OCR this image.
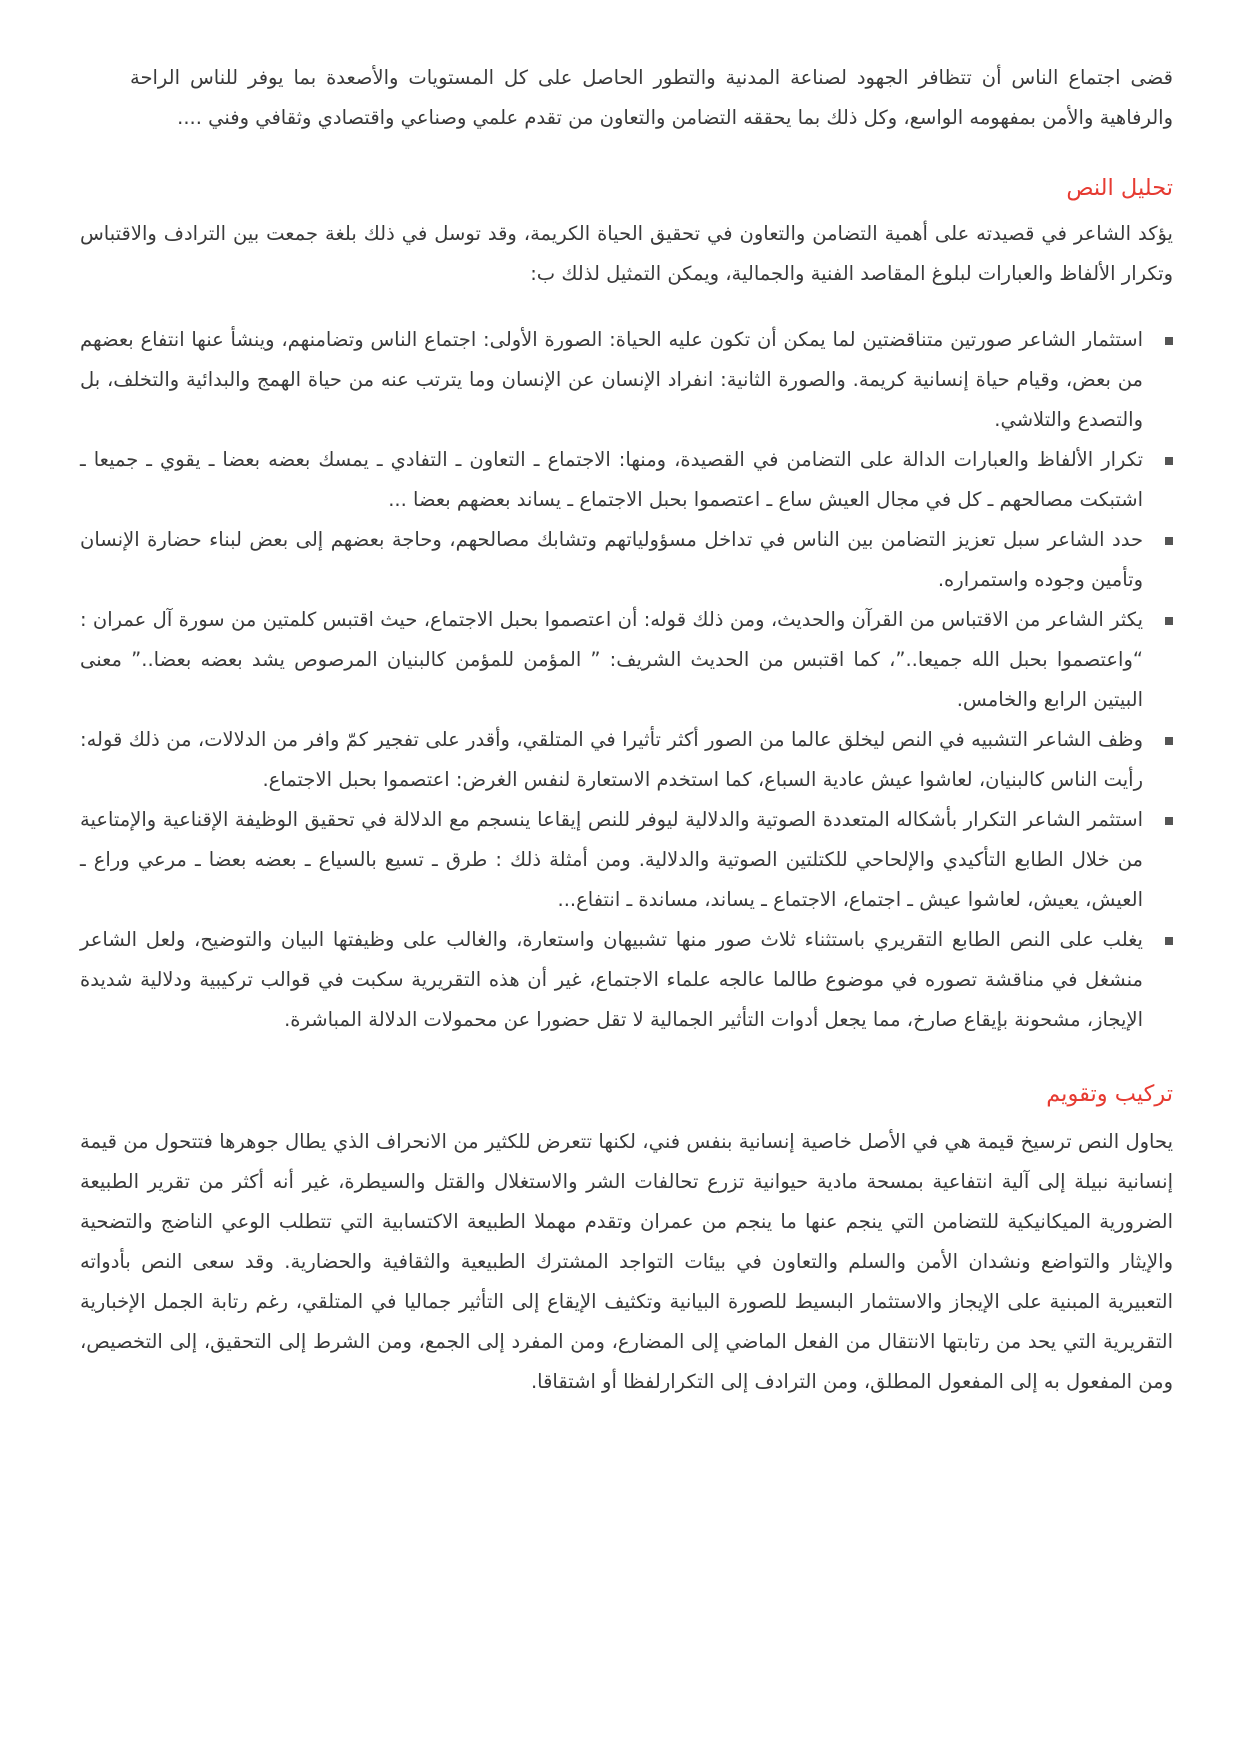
قضى اجتماع الناس أن تتظافر الجهود لصناعة المدنية والتطور الحاصل على كل المستويات والأصعدة بما يوفر للناس الراحة والرفاهية والأمن بمفهومه الواسع، وكل ذلك بما يحققه التضامن والتعاون من تقدم علمي وصناعي واقتصادي وثقافي وفني ....

تحليل النص

يؤكد الشاعر في قصيدته على أهمية التضامن والتعاون في تحقيق الحياة الكريمة، وقد توسل في ذلك بلغة جمعت بين الترادف والاقتباس وتكرار الألفاظ والعبارات لبلوغ المقاصد الفنية والجمالية، ويمكن التمثيل لذلك ب:

استثمار الشاعر صورتين متناقضتين لما يمكن أن تكون عليه الحياة: الصورة الأولى: اجتماع الناس وتضامنهم، وينشأ عنها انتفاع بعضهم من بعض، وقيام حياة إنسانية كريمة. والصورة الثانية: انفراد الإنسان عن الإنسان وما يترتب عنه من حياة الهمج والبدائية والتخلف، بل والتصدع والتلاشي.
تكرار الألفاظ والعبارات الدالة على التضامن في القصيدة، ومنها: الاجتماع ـ التعاون ـ التفادي ـ يمسك بعضه بعضا ـ يقوي ـ جميعا ـ اشتبكت مصالحهم ـ كل في مجال العيش ساع ـ اعتصموا بحبل الاجتماع ـ يساند بعضهم بعضا ...
حدد الشاعر سبل تعزيز التضامن بين الناس في تداخل مسؤولياتهم وتشابك مصالحهم، وحاجة بعضهم إلى بعض لبناء حضارة الإنسان وتأمين وجوده واستمراره.
يكثر الشاعر من الاقتباس من القرآن والحديث، ومن ذلك قوله: أن اعتصموا بحبل الاجتماع، حيث اقتبس كلمتين من سورة آل عمران : “واعتصموا بحبل الله جميعا..”، كما اقتبس من الحديث الشريف: ” المؤمن للمؤمن كالبنيان المرصوص يشد بعضه بعضا..” معنى البيتين الرابع والخامس.
وظف الشاعر التشبيه في النص ليخلق عالما من الصور أكثر تأثيرا في المتلقي، وأقدر على تفجير كمّ وافر من الدلالات، من ذلك قوله: رأيت الناس كالبنيان، لعاشوا عيش عادية السباع، كما استخدم الاستعارة لنفس الغرض: اعتصموا بحبل الاجتماع.
استثمر الشاعر التكرار بأشكاله المتعددة الصوتية والدلالية ليوفر للنص إيقاعا ينسجم مع الدلالة في تحقيق الوظيفة الإقناعية والإمتاعية من خلال الطابع التأكيدي والإلحاحي للكتلتين الصوتية والدلالية. ومن أمثلة ذلك : طرق ـ تسيع بالسياع ـ بعضه بعضا ـ مرعي وراع ـ العيش، يعيش، لعاشوا عيش ـ اجتماع، الاجتماع ـ يساند، مساندة ـ انتفاع...
يغلب على النص الطابع التقريري باستثناء ثلاث صور منها تشبيهان واستعارة، والغالب على وظيفتها البيان والتوضيح، ولعل الشاعر منشغل في مناقشة تصوره في موضوع طالما عالجه علماء الاجتماع، غير أن هذه التقريرية سكبت في قوالب تركيبية ودلالية شديدة الإيجاز، مشحونة بإيقاع صارخ، مما يجعل أدوات التأثير الجمالية لا تقل حضورا عن محمولات الدلالة المباشرة.
تركيب وتقويم

يحاول النص ترسيخ قيمة هي في الأصل خاصية إنسانية بنفس فني، لكنها تتعرض للكثير من الانحراف الذي يطال جوهرها فتتحول من قيمة إنسانية نبيلة إلى آلية انتفاعية بمسحة مادية حيوانية تزرع تحالفات الشر والاستغلال والقتل والسيطرة، غير أنه أكثر من تقرير الطبيعة الضرورية الميكانيكية للتضامن التي ينجم عنها ما ينجم من عمران وتقدم مهملا الطبيعة الاكتسابية التي تتطلب الوعي الناضج والتضحية والإيثار والتواضع ونشدان الأمن والسلم والتعاون في بيئات التواجد المشترك الطبيعية والثقافية والحضارية. وقد سعى النص بأدواته التعبيرية المبنية على الإيجاز والاستثمار البسيط للصورة البيانية وتكثيف الإيقاع إلى التأثير جماليا في المتلقي، رغم رتابة الجمل الإخبارية التقريرية التي يحد من رتابتها الانتقال من الفعل الماضي إلى المضارع، ومن المفرد إلى الجمع، ومن الشرط إلى التحقيق، إلى التخصيص، ومن المفعول به إلى المفعول المطلق، ومن الترادف إلى التكرارلفظا أو اشتقاقا.
